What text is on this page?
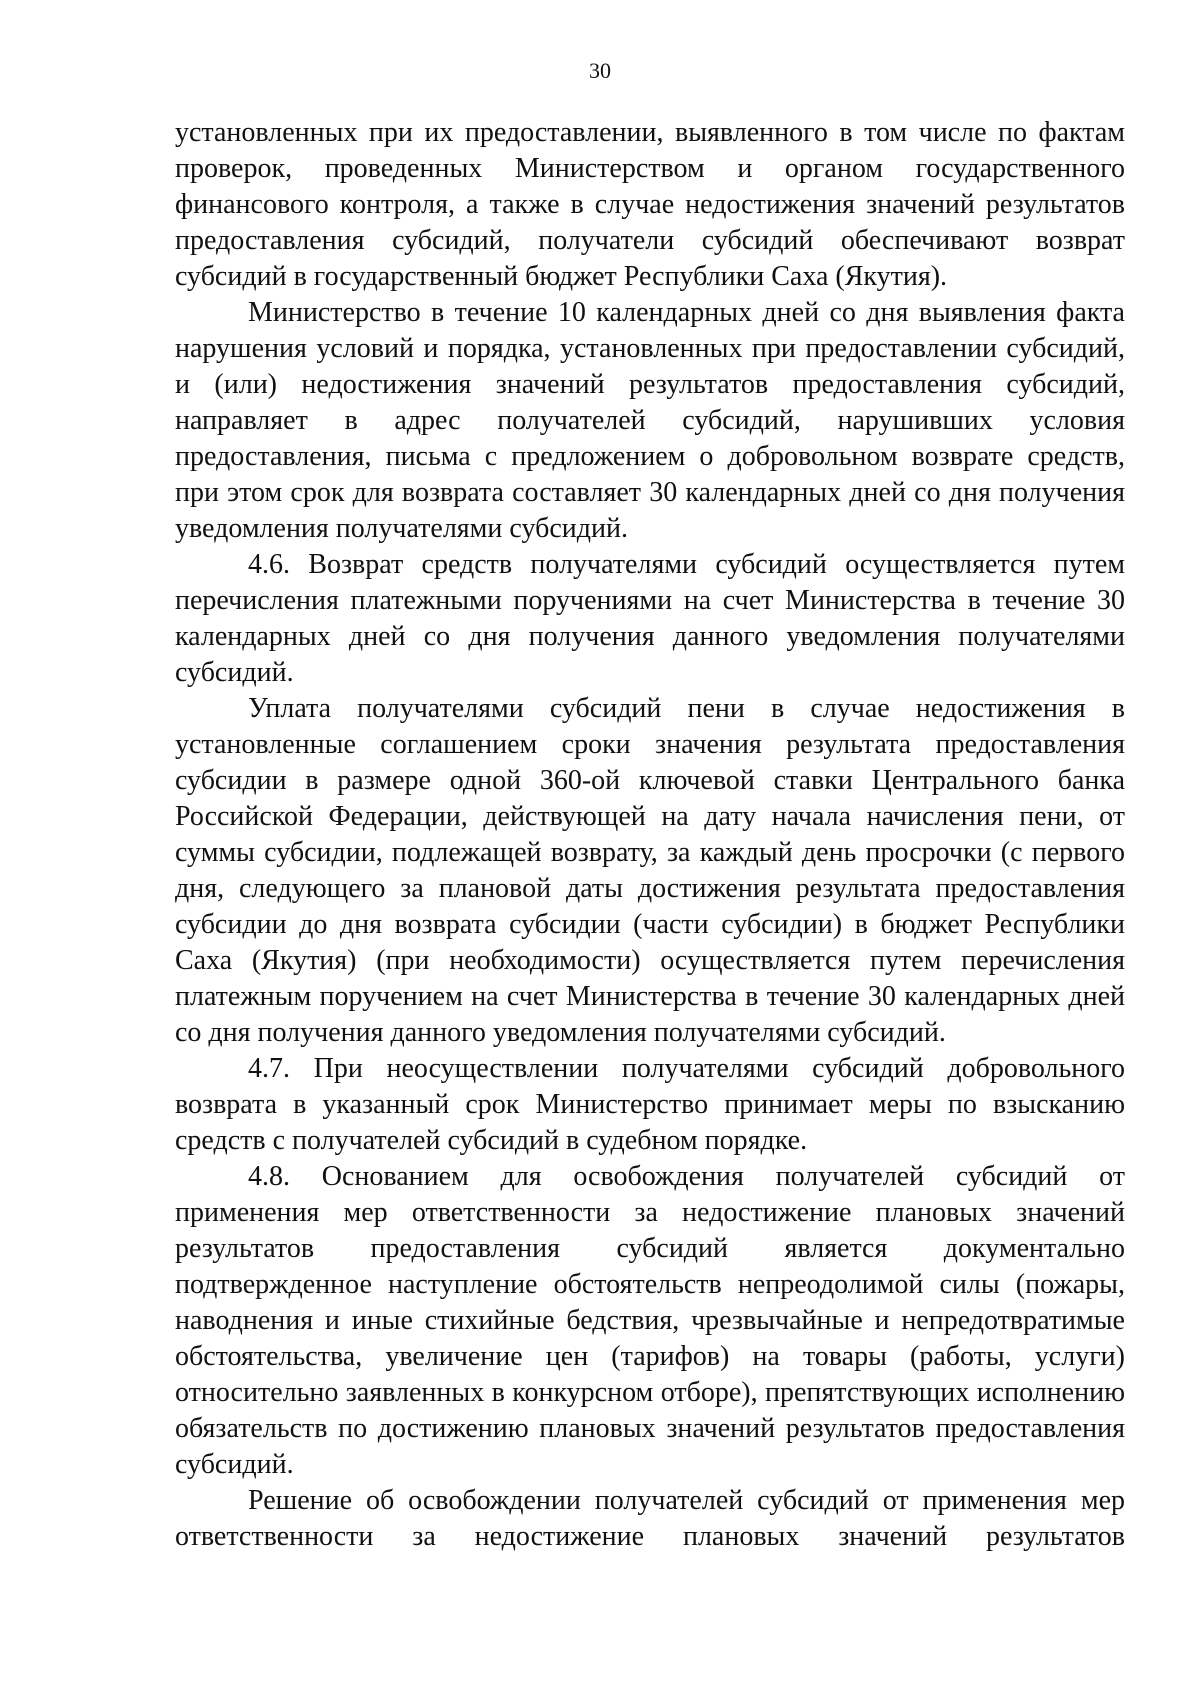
30

установленных при их предоставлении, выявленного в том числе по фактам проверок, проведенных Министерством и органом государственного финансового контроля, а также в случае недостижения значений результатов предоставления субсидий, получатели субсидий обеспечивают возврат субсидий в государственный бюджет Республики Саха (Якутия).

Министерство в течение 10 календарных дней со дня выявления факта нарушения условий и порядка, установленных при предоставлении субсидий, и (или) недостижения значений результатов предоставления субсидий, направляет в адрес получателей субсидий, нарушивших условия предоставления, письма с предложением о добровольном возврате средств, при этом срок для возврата составляет 30 календарных дней со дня получения уведомления получателями субсидий.

4.6. Возврат средств получателями субсидий осуществляется путем перечисления платежными поручениями на счет Министерства в течение 30 календарных дней со дня получения данного уведомления получателями субсидий.

Уплата получателями субсидий пени в случае недостижения в установленные соглашением сроки значения результата предоставления субсидии в размере одной 360-ой ключевой ставки Центрального банка Российской Федерации, действующей на дату начала начисления пени, от суммы субсидии, подлежащей возврату, за каждый день просрочки (с первого дня, следующего за плановой даты достижения результата предоставления субсидии до дня возврата субсидии (части субсидии) в бюджет Республики Саха (Якутия) (при необходимости) осуществляется путем перечисления платежным поручением на счет Министерства в течение 30 календарных дней со дня получения данного уведомления получателями субсидий.

4.7. При неосуществлении получателями субсидий добровольного возврата в указанный срок Министерство принимает меры по взысканию средств с получателей субсидий в судебном порядке.

4.8. Основанием для освобождения получателей субсидий от применения мер ответственности за недостижение плановых значений результатов предоставления субсидий является документально подтвержденное наступление обстоятельств непреодолимой силы (пожары, наводнения и иные стихийные бедствия, чрезвычайные и непредотвратимые обстоятельства, увеличение цен (тарифов) на товары (работы, услуги) относительно заявленных в конкурсном отборе), препятствующих исполнению обязательств по достижению плановых значений результатов предоставления субсидий.

Решение об освобождении получателей субсидий от применения мер ответственности за недостижение плановых значений результатов
